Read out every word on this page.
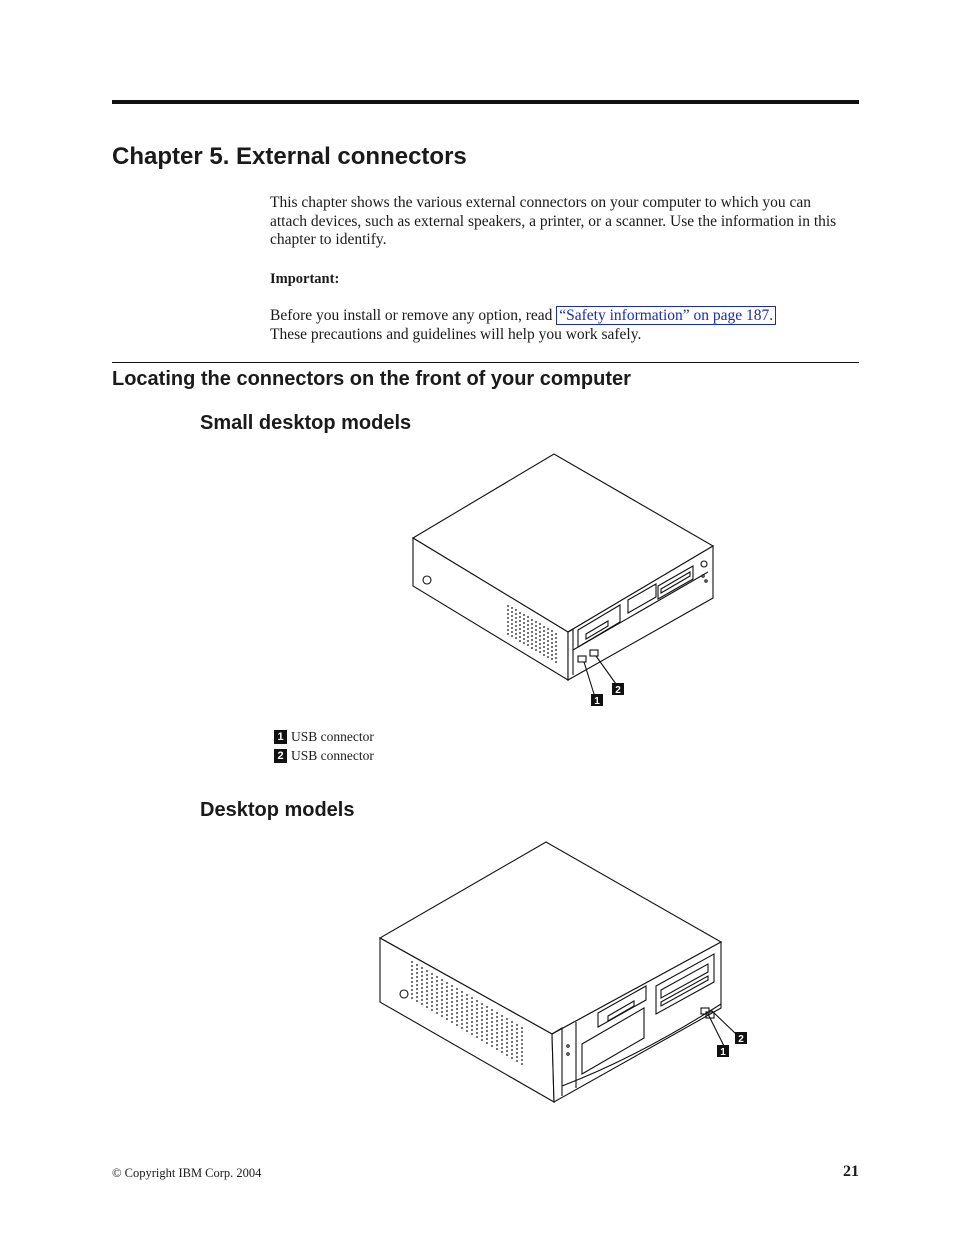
Chapter 5. External connectors

This chapter shows the various external connectors on your computer to which you can attach devices, such as external speakers, a printer, or a scanner. Use the information in this chapter to identify.

Important:

Before you install or remove any option, read “Safety information” on page 187.
These precautions and guidelines will help you work safely.

Locating the connectors on the front of your computer
Small desktop models
2
1
1 USB connector
2 USB connector
Desktop models
2
1
© Copyright IBM Corp. 2004	21
